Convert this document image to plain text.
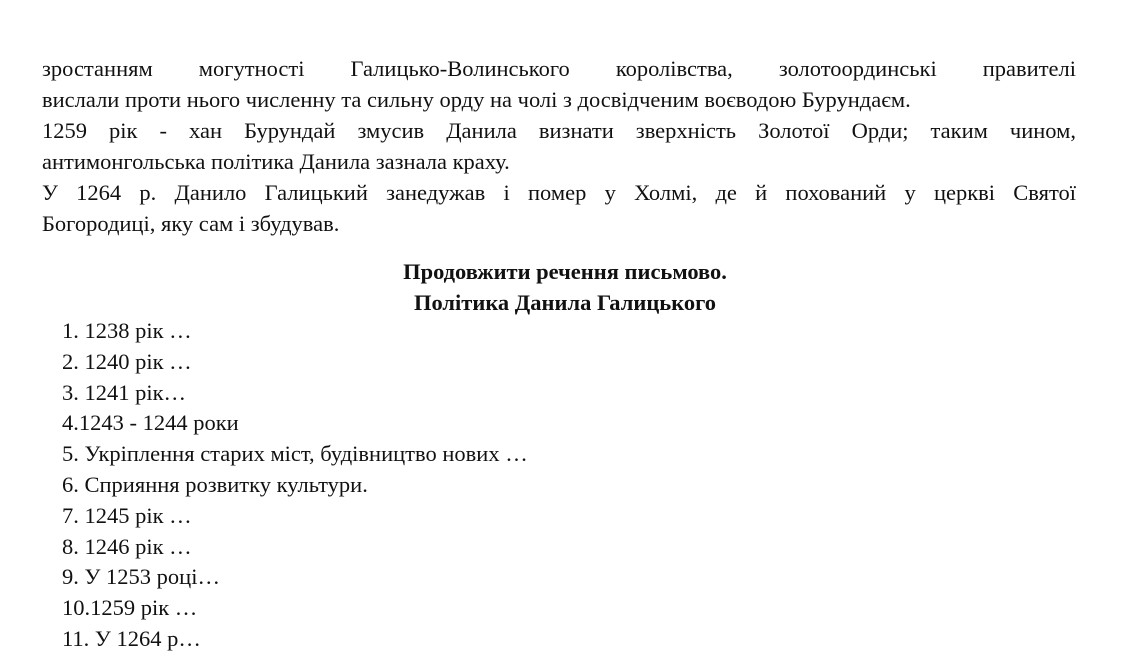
зростанням могутності Галицько-Волинського королівства, золотоординські правителі
вислали проти нього численну та сильну орду на чолі з досвідченим воєводою Бурундаєм.
1259 рік - хан Бурундай змусив Данила визнати зверхність Золотої Орди; таким чином,
антимонгольська політика Данила зазнала краху.
У 1264 р. Данило Галицький занедужав і помер у Холмі, де й похований у церкві Святої
Богородиці, яку сам і збудував.
Продовжити речення письмово.
Політика Данила Галицького
1. 1238 рік …
2. 1240 рік …
3. 1241 рік…
4.1243 - 1244 роки
5. Укріплення старих міст, будівництво нових …
6. Сприяння розвитку культури.
7. 1245 рік …
8. 1246 рік …
9. У 1253 році…
10.1259 рік …
11. У 1264 р…
